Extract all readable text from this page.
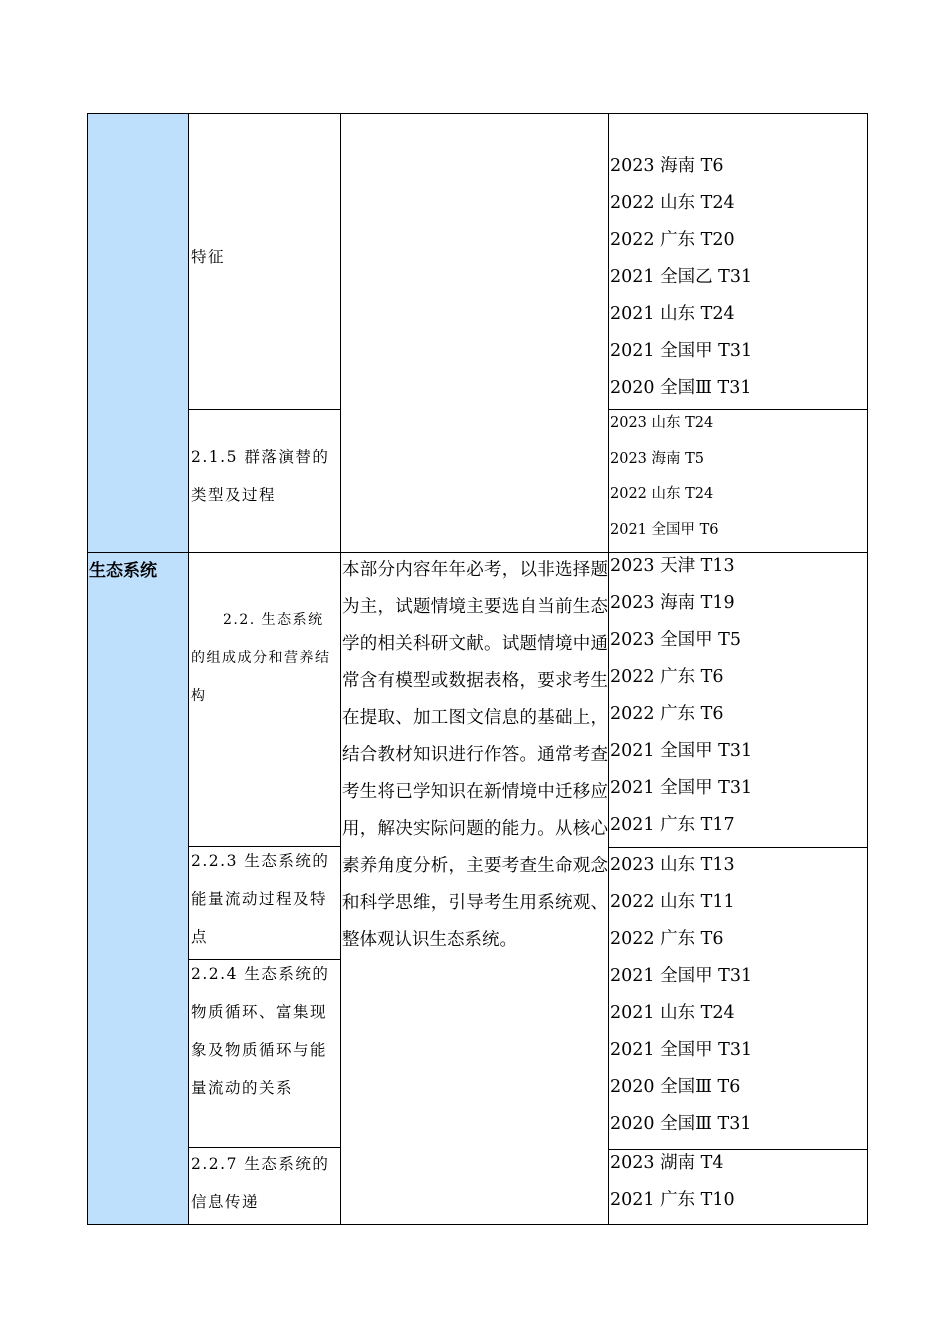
生态系统
特征
2.1.5 群落演替的类型及过程
2.2. 生态系统的组成成分和营养结构
2.2.3 生态系统的能量流动过程及特点
2.2.4 生态系统的物质循环、富集现象及物质循环与能量流动的关系
2.2.7 生态系统的信息传递
本部分内容年年必考，以非选择题为主，试题情境主要选自当前生态学的相关科研文献。试题情境中通常含有模型或数据表格，要求考生在提取、加工图文信息的基础上，结合教材知识进行作答。通常考查考生将已学知识在新情境中迁移应用，解决实际问题的能力。从核心素养角度分析，主要考查生命观念和科学思维，引导考生用系统观、整体观认识生态系统。
2023 海南 T6
2022 山东 T24
2022 广东 T20
2021 全国乙 T31
2021 山东 T24
2021 全国甲 T31
2020 全国Ⅲ T31
2023 山东 T24
2023 海南 T5
2022 山东 T24
2021 全国甲 T6
2023 天津 T13
2023 海南 T19
2023 全国甲 T5
2022 广东 T6
2022 广东 T6
2021 全国甲 T31
2021 全国甲 T31
2021 广东 T17
2023 山东 T13
2022 山东 T11
2022 广东 T6
2021 全国甲 T31
2021 山东 T24
2021 全国甲 T31
2020 全国Ⅲ T6
2020 全国Ⅲ T31
2023 湖南 T4
2021 广东 T10
